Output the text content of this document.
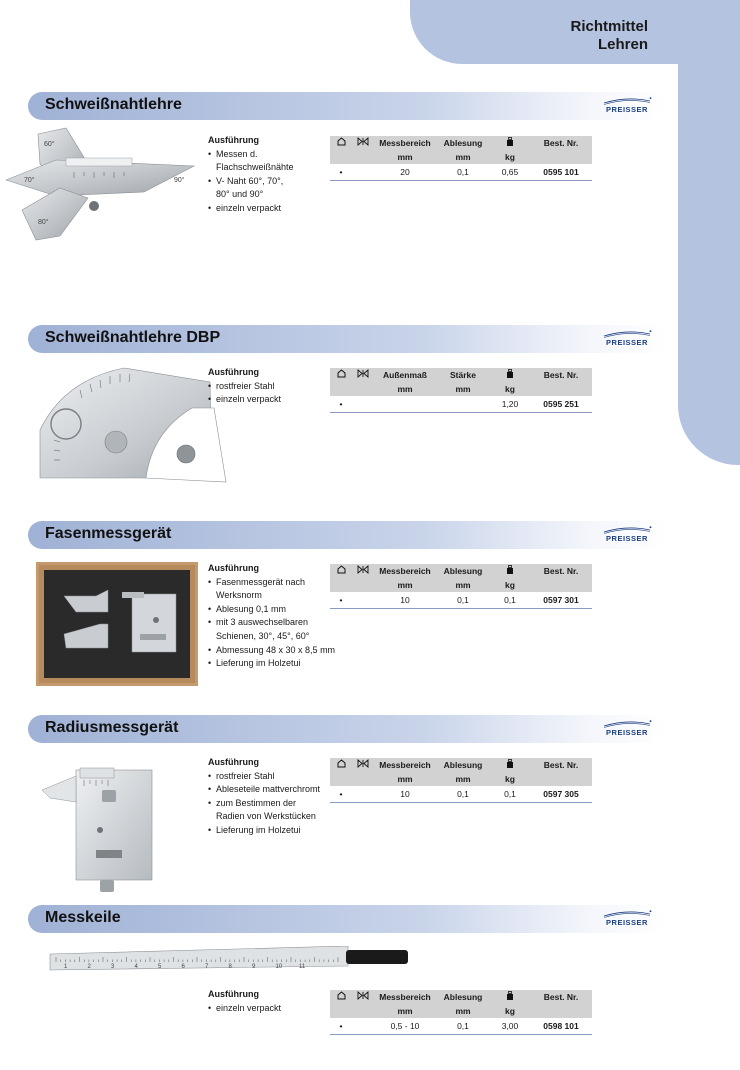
Richtmittel
Lehren
60°
70°
80°
90°
1	2	3	4	5	6	7	8	9	10	11
Schweißnahtlehre	PREISSER
Ausführung
• Messen d.
Flachschweißnähte
• V- Naht 60°, 70°,
80° und 90°
• einzeln verpackt
		Messbereich	Ablesung		Best. Nr.
		mm	mm	kg	
•		20	0,1	0,65	0595 101
Schweißnahtlehre DBP	PREISSER
Ausführung
• rostfreier Stahl
• einzeln verpackt
		Außenmaß	Stärke		Best. Nr.
		mm	mm	kg	
•				1,20	0595 251
Fasenmessgerät	PREISSER
Ausführung
• Fasenmessgerät nach
Werksnorm
• Ablesung 0,1 mm
• mit 3 auswechselbaren
Schienen, 30°, 45°, 60°
• Abmessung 48 x 30 x 8,5 mm
• Lieferung im Holzetui
		Messbereich	Ablesung		Best. Nr.
		mm	mm	kg	
•		10	0,1	0,1	0597 301
Radiusmessgerät	PREISSER
Ausführung
• rostfreier Stahl
• Ableseteile mattverchromt
• zum Bestimmen der
Radien von Werkstücken
• Lieferung im Holzetui
		Messbereich	Ablesung		Best. Nr.
		mm	mm	kg	
•		10	0,1	0,1	0597 305
Messkeile	PREISSER
Ausführung
• einzeln verpackt
		Messbereich	Ablesung		Best. Nr.
		mm	mm	kg	
•		0,5 - 10	0,1	3,00	0598 101
